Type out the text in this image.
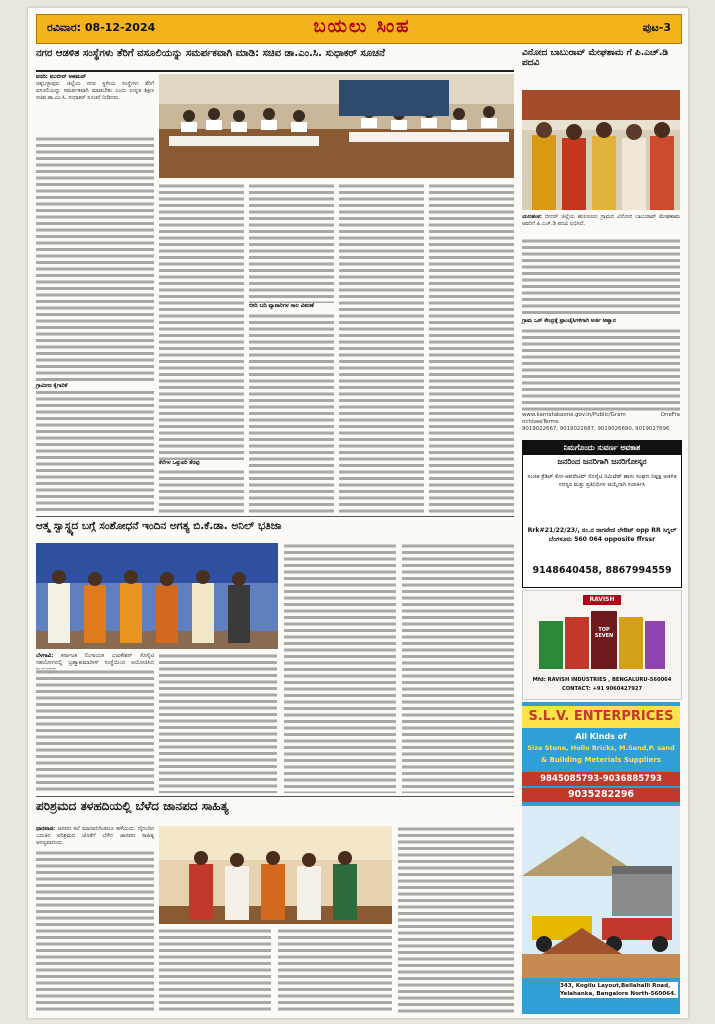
ರವಿವಾರ: 08-12-2024	ಬಯಲು ಸಿಂಹ	ಪುಟ-3
ನಗರ ಆಡಳಿತ ಸಂಸ್ಥೆಗಳು ತೆರಿಗೆ ವಸೂಲಿಯನ್ನು ಸಮರ್ಪಕವಾಗಿ ಮಾಡಿ: ಸಚಿವ ಡಾ.ಎಂ.ಸಿ. ಸುಧಾಕರ್ ಸೂಚನೆ
ವರದಿ: ಮುಬೀನ್ ಅಹಮದ್
ಚಿಕ್ಕಬಳ್ಳಾಪುರ: ಜಿಲ್ಲೆಯ ನಗರ ಸ್ಥಳೀಯ ಸಂಸ್ಥೆಗಳು ತೆರಿಗೆ ವಸೂಲಿಯನ್ನು ಸಮರ್ಪಕವಾಗಿ ಮಾಡಬೇಕು ಎಂದು ಉನ್ನತ ಶಿಕ್ಷಣ ಸಚಿವ ಡಾ.ಎಂ.ಸಿ. ಸುಧಾಕರ್ ಸೂಚನೆ ನೀಡಿದರು.
ಬೀದಿ ಬದಿ ವ್ಯಾಪಾರಿಗಳ ಸಾಲ ವಿತರಣೆ
ಗ್ರಾಮೀಣ ಕೈಗಾರಿಕೆ
ಕೆರೆಗಳ ಒತ್ತುವರಿ ತೆರವು
ವಿನೋದ ಬಾಬುರಾವ್ ಮೇಘಶಾಮ ಗೆ ಪಿ.ಎಚ್.ಡಿ ಪದವಿ
ಯಲಹಂಕ: ಬೀದರ್ ಜಿಲ್ಲೆಯ ಹುಲಸೂರು ಗ್ರಾಮದ ವಿನೋದ ಬಾಬುರಾವ್ ಮೇಘಶಾಮ ಅವರಿಗೆ ಪಿ.ಎಚ್.ಡಿ ಪದವಿ ಲಭಿಸಿದೆ.
ಗ್ರಾಮ ಒನ್ ಕೇಂದ್ರಕ್ಕೆ ಫ್ರಾಂಚೈಸಿಗಳಿಗಾಗಿ ಅರ್ಜಿ ಆಹ್ವಾನ
www.karnatakaone.gov.in/Public/Gram OneFra nchiseeTerms
9019022667, 9019022687, 9019026690, 9019027696
ಆತ್ಮ ಸ್ವಾಸ್ಥ್ಯದ ಬಗ್ಗೆ ಸಂಶೋಧನೆ ಇಂದಿನ ಅಗತ್ಯ ಬಿ.ಕೆ.ಡಾ. ಅನಿಲ್ ಭತಿಜಾ
ಬೆಳಗಾವಿ: ಕರ್ನಾಟಕ ಲಿಂಗಾಯತ ಎಜುಕೇಶನ್ ಸೊಸೈಟಿ ಸಹಯೋಗದಲ್ಲಿ ಬ್ರಹ್ಮಾಕುಮಾರೀಸ್ ಸಂಸ್ಥೆಯಿಂದ ಆಯೋಜಿಸಿದ
ನಿಮಗೊಂದು ಸುವರ್ಣ ಅವಕಾಶ
ಜನರಿಂದ ಜನರಿಗಾಗಿ ಜನರಿಗೋಸ್ಕರ
ಸಂಚಿತ ಕ್ರೆಡಿಟ್ ಕೋ-ಆಪರೇಟಿವ್ ಸೊಸೈಟಿ ರಿಮಿಟೆಡ್ ಹಾಗು ಸಂಘದ ನಿಷ್ಪಕ್ಷ ಆಡಳಿತ ಸದಸ್ಯರ ಮತ್ತು ಪ್ರತಿನಿಧಿಗಳ ಆಯ್ಕೆಗಾಗಿ ಸಂಪರ್ಕಿಸಿ
Rrk#21/22/23/, ನಂ.ನ ನಾಗವೇಣಿ ಲೇಔಟ್ opp RR ಸಿಗ್ನಲ್ ಬೆಂಗಳೂರು 560 064 opposite ffrssr
9148640458, 8867994559
RAVISH
TOP SEVEN
Mfd: RAVISH INDUSTRIES , BENGALURU-560064
CONTACT: +91 9060427927
S.L.V. ENTERPRICES
All Kinds of
Size Stone, Hollo Bricks, M.Sand,P. sand
& Building Meterials Suppliers
9845085793-9036885793
9035282296
343, Kogilu Layout,Bellahalli Road, Yelahanka, Bangalore North-560064.
ಪರಿಶ್ರಮದ ತಳಹದಿಯಲ್ಲಿ ಬೆಳೆದ ಜಾನಪದ ಸಾಹಿತ್ಯ
ಧಾರವಾಡ: ಜನಪದ ಕಲೆ ಮಾನವನಿಗಿಂತಲೂ ಹಳೆಯದು. ದೈನಂದಿನ ಬದುಕಿನ ಪರಿಶ್ರಮದ ಜೊತೆಗೆ ಬೆಳೆದ ಜಾನಪದ ಸಾಹಿತ್ಯ ಅನನ್ಯವಾದುದು.
